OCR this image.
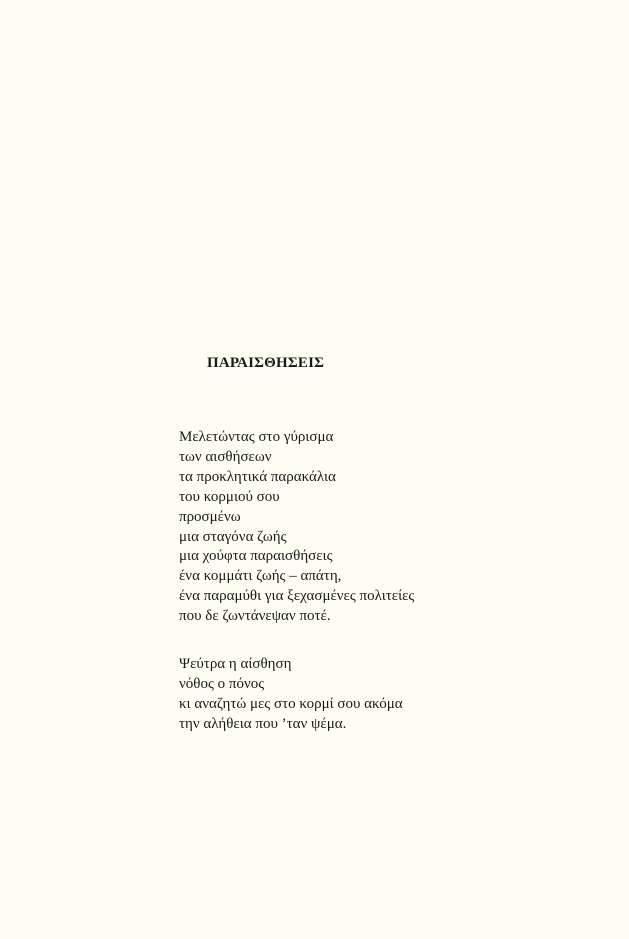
ΠΑΡΑΙΣΘΗΣΕΙΣ
Μελετώντας στο γύρισμα
των αισθήσεων
τα προκλητικά παρακάλια
του κορμιού σου
προσμένω
μια σταγόνα ζωής
μια χούφτα παραισθήσεις
ένα κομμάτι ζωής – απάτη,
ένα παραμύθι για ξεχασμένες πολιτείες
που δε ζωντάνεψαν ποτέ.
Ψεύτρα η αίσθηση
νόθος ο πόνος
κι αναζητώ μες στο κορμί σου ακόμα
την αλήθεια που ’ταν ψέμα.
